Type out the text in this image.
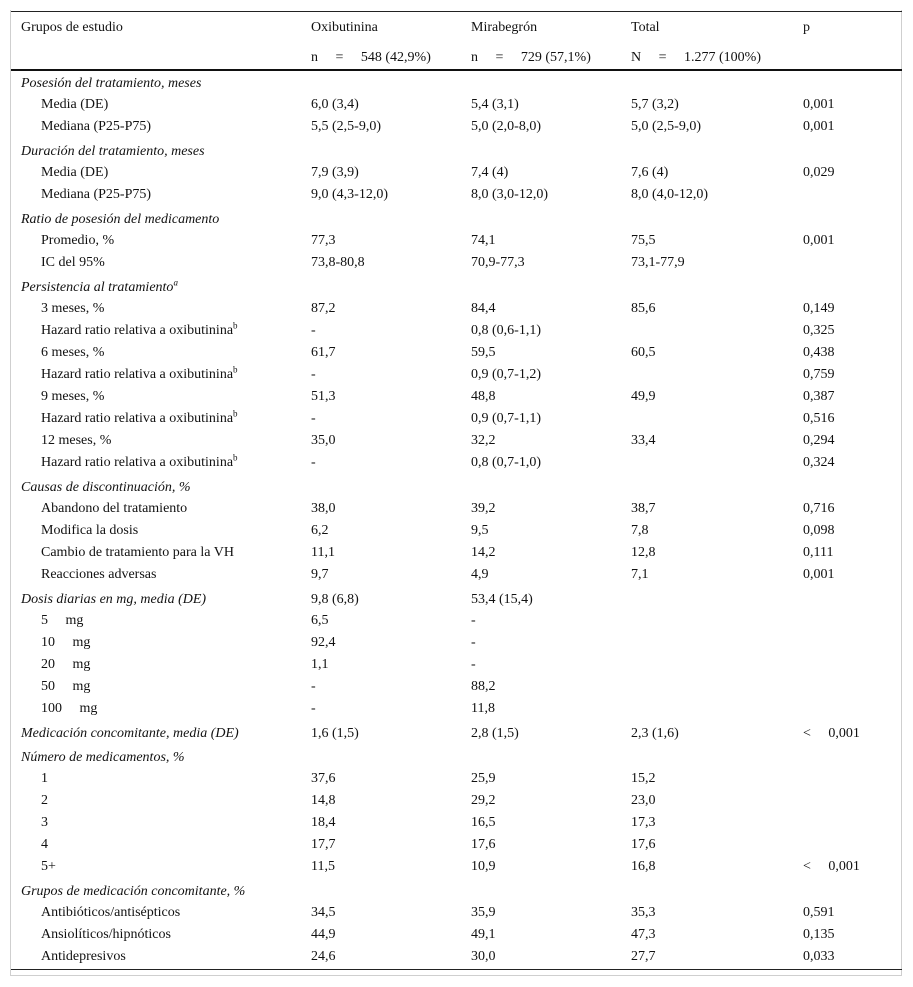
Grupos de estudio	Oxibutinina	Mirabegrón	Total	p
	n     =     548 (42,9%)	n     =     729 (57,1%)	N     =     1.277 (100%)	
Posesión del tratamiento, meses				
Media (DE)	6,0 (3,4)	5,4 (3,1)	5,7 (3,2)	0,001
Mediana (P25-P75)	5,5 (2,5-9,0)	5,0 (2,0-8,0)	5,0 (2,5-9,0)	0,001
Duración del tratamiento, meses				
Media (DE)	7,9 (3,9)	7,4 (4)	7,6 (4)	0,029
Mediana (P25-P75)	9,0 (4,3-12,0)	8,0 (3,0-12,0)	8,0 (4,0-12,0)	
Ratio de posesión del medicamento				
Promedio, %	77,3	74,1	75,5	0,001
IC del 95%	73,8-80,8	70,9-77,3	73,1-77,9	
Persistencia al tratamiento$^a$				
3 meses, %	87,2	84,4	85,6	0,149
Hazard ratio relativa a oxibutinina$^b$	-	0,8 (0,6-1,1)		0,325
6 meses, %	61,7	59,5	60,5	0,438
Hazard ratio relativa a oxibutinina$^b$	-	0,9 (0,7-1,2)		0,759
9 meses, %	51,3	48,8	49,9	0,387
Hazard ratio relativa a oxibutinina$^b$	-	0,9 (0,7-1,1)		0,516
12 meses, %	35,0	32,2	33,4	0,294
Hazard ratio relativa a oxibutinina$^b$	-	0,8 (0,7-1,0)		0,324
Causas de discontinuación, %				
Abandono del tratamiento	38,0	39,2	38,7	0,716
Modifica la dosis	6,2	9,5	7,8	0,098
Cambio de tratamiento para la VH	11,1	14,2	12,8	0,111
Reacciones adversas	9,7	4,9	7,1	0,001
Dosis diarias en mg, media (DE)	9,8 (6,8)	53,4 (15,4)		
5     mg	6,5	-		
10     mg	92,4	-		
20     mg	1,1	-		
50     mg	-	88,2		
100     mg	-	11,8		
Medicación concomitante, media (DE)	1,6 (1,5)	2,8 (1,5)	2,3 (1,6)	<     0,001
Número de medicamentos, %				
1	37,6	25,9	15,2	
2	14,8	29,2	23,0	
3	18,4	16,5	17,3	
4	17,7	17,6	17,6	
5+	11,5	10,9	16,8	<     0,001
Grupos de medicación concomitante, %				
Antibióticos/antisépticos	34,5	35,9	35,3	0,591
Ansiolíticos/hipnóticos	44,9	49,1	47,3	0,135
Antidepresivos	24,6	30,0	27,7	0,033
